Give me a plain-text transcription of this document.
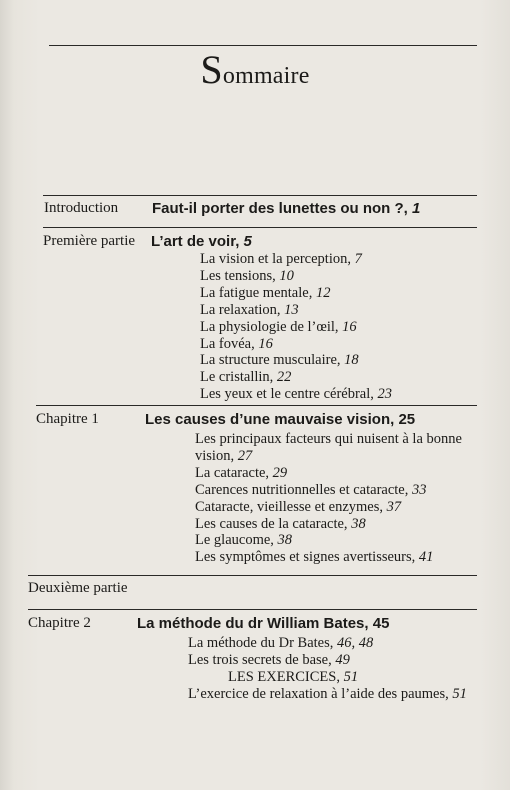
Sommaire
Introduction Faut-il porter des lunettes ou non ?, 1
Première partie L’art de voir, 5
La vision et la perception, 7
Les tensions, 10
La fatigue mentale, 12
La relaxation, 13
La physiologie de l’œil, 16
La fovéa, 16
La structure musculaire, 18
Le cristallin, 22
Les yeux et le centre cérébral, 23
Chapitre 1	Les causes d’une mauvaise vision, 25
Les principaux facteurs qui nuisent à la bonne vision, 27
La cataracte, 29
Carences nutritionnelles et cataracte, 33
Cataracte, vieillesse et enzymes, 37
Les causes de la cataracte, 38
Le glaucome, 38
Les symptômes et signes avertisseurs, 41
Deuxième partie
Chapitre 2	La méthode du dr William Bates, 45
La méthode du Dr Bates, 46, 48
Les trois secrets de base, 49
LES EXERCICES, 51
L’exercice de relaxation à l’aide des paumes, 51
